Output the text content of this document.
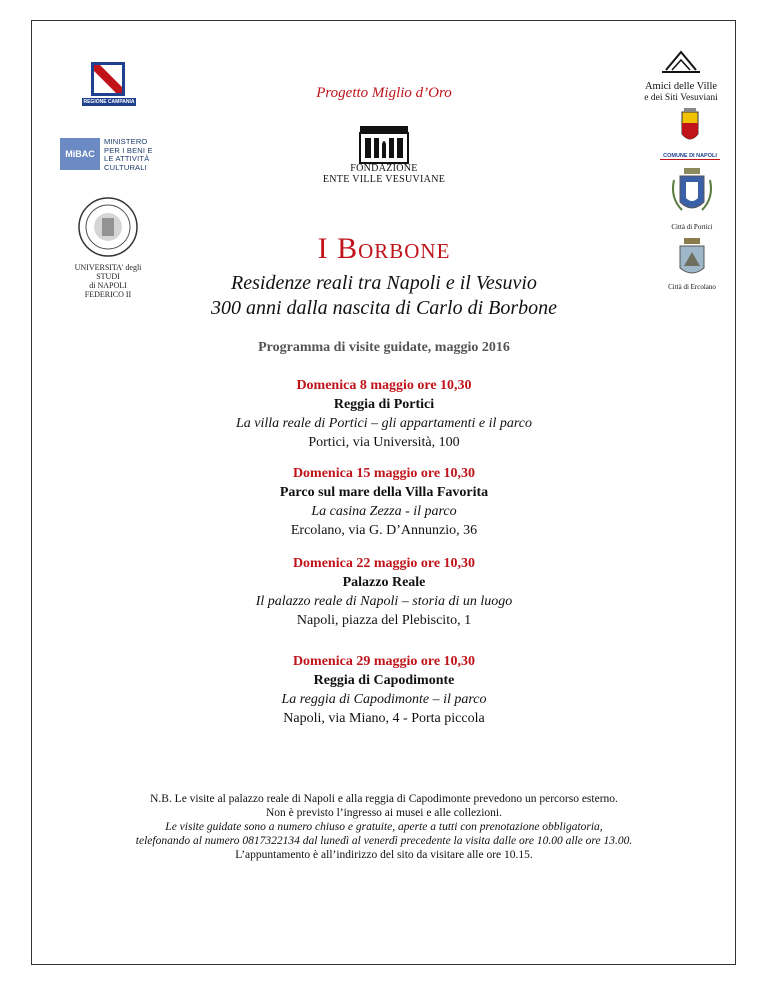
REGIONE CAMPANIA
Progetto Miglio d’Oro	Amici delle Ville
e dei Siti Vesuviani
MiBAC
MINISTERO
PER I BENI E
LE ATTIVITÀ
CULTURALI	FONDAZIONE
ENTE VILLE VESUVIANE
COMUNE DI NAPOLI
UNIVERSITA' degli STUDI
di NAPOLI
FEDERICO II
Città di Portici
I Borbone
Città di Ercolano
Residenze reali tra Napoli e il Vesuvio
300 anni dalla nascita di Carlo di Borbone
Programma di visite guidate, maggio 2016
Domenica 8 maggio ore 10,30
Reggia di Portici
La villa reale di Portici – gli appartamenti e il parco
Portici, via Università, 100
Domenica 15 maggio ore 10,30
Parco sul mare della Villa Favorita
La casina Zezza - il parco
Ercolano, via G. D’Annunzio, 36
Domenica 22 maggio ore 10,30
Palazzo Reale
Il palazzo reale di Napoli – storia di un luogo
Napoli, piazza del Plebiscito, 1
Domenica 29 maggio ore 10,30
Reggia di Capodimonte
La reggia di Capodimonte – il parco
Napoli, via Miano, 4 - Porta piccola
N.B. Le visite al palazzo reale di Napoli e alla reggia di Capodimonte prevedono un percorso esterno.
Non è previsto l’ingresso ai musei e alle collezioni.
Le visite guidate sono a numero chiuso e gratuite, aperte a tutti con prenotazione obbligatoria,
telefonando al numero 0817322134 dal lunedì al venerdì precedente la visita dalle ore 10.00 alle ore 13.00.
L’appuntamento è all’indirizzo del sito da visitare alle ore 10.15.
